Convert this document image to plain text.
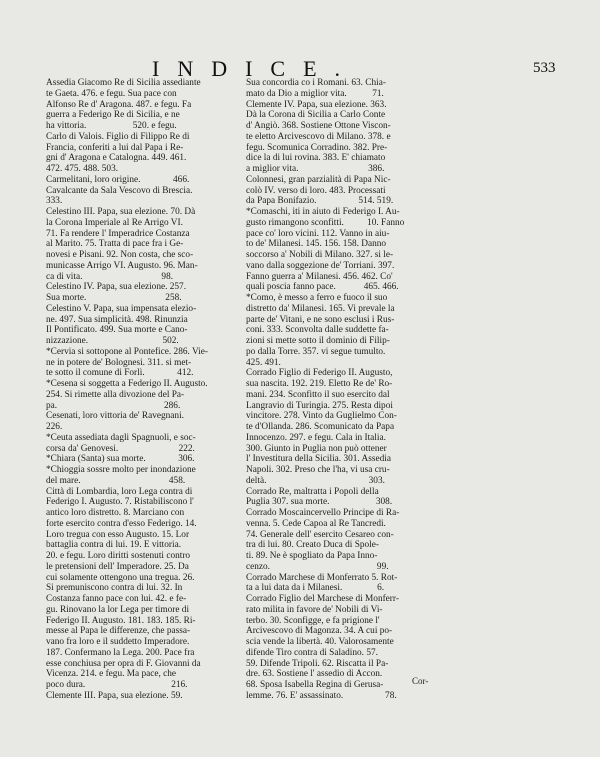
INDICE.	533
Assedia Giacomo Re di Sicilia assediante
te Gaeta. 476. e fegu. Sua pace con
Alfonso Re d' Aragona. 487. e fegu. Fa
guerra a Federigo Re di Sicilia, e ne
ha vittoria.                    520. e fegu.
Carlo di Valois. Figlio di Filippo Re di
Francia, conferiti a lui dal Papa i Re-
gni d' Aragona e Catalogna. 449. 461.
472. 475. 488. 503.
Carmelitani, loro origine.              466.
Cavalcante da Sala Vescovo di Brescia.
333.
Celestino III. Papa, sua elezione. 70. Dà
la Corona Imperiale al Re Arrigo VI.
71. Fa rendere l' Imperadrice Costanza
al Marito. 75. Tratta di pace fra i Ge-
novesi e Pisani. 92. Non costa, che sco-
municasse Arrigo VI. Augusto. 96. Man-
ca di vita.                                  98.
Celestino IV. Papa, sua elezione. 257.
Sua morte.                                  258.
Celestino V. Papa, sua impensata elezio-
ne. 497. Sua simplicità. 498. Rinunzia
Il Pontificato. 499. Sua morte e Cano-
nizzazione.                                502.
*Cervia si sottopone al Pontefice. 286. Vie-
ne in potere de' Bolognesi. 311. si met-
te sotto il comune di Forlì.              412.
*Cesena si soggetta a Federigo II. Augusto.
254. Si rimette alla divozione del Pa-
pa.                                              286.
Cesenati, loro vittoria de' Ravegnani.
226.
*Ceuta assediata dagli Spagnuoli, e soc-
corsa da' Genovesi.                          222.
*Chiara (Santa) sua morte.              306.
*Chioggia sossre molto per inondazione
del mare.                                      458.
Città di Lombardia, loro Lega contra di
Federigo I. Augusto. 7. Ristabiliscono l'
antico loro distretto. 8. Marciano con
forte esercito contra d'esso Federigo. 14.
Loro tregua con esso Augusto. 15. Lor
battaglia contra di lui. 19. E vittoria.
20. e fegu. Loro diritti sostenuti contro
le pretensioni dell' Imperadore. 25. Da
cui solamente ottengono una tregua. 26.
Si premuniscono contra di lui. 32. In
Costanza fanno pace con lui. 42. e fe-
gu. Rinovano la lor Lega per timore di
Federigo II. Augusto. 181. 183. 185. Ri-
messe al Papa le differenze, che passa-
vano fra loro e il suddetto Imperadore.
187. Confermano la Lega. 200. Pace fra
esse conchiusa per opra di F. Giovanni da
Vicenza. 214. e fegu. Ma pace, che
poco dura.                                     216.
Clemente III. Papa, sua elezione. 59.
Sua concordia co i Romani. 63. Chia-
mato da Dio a miglior vita.           71.
Clemente IV. Papa, sua elezione. 363.
Dà la Corona di Sicilia a Carlo Conte
d' Angiò. 368. Sostiene Ottone Viscon-
te eletto Arcivescovo di Milano. 378. e
fegu. Scomunica Corradino. 382. Pre-
dice la di lui rovina. 383. E' chiamato
a miglior vita.                              386.
Colonnesi, gran parzialità di Papa Nic-
colò IV. verso di loro. 483. Processati
da Papa Bonifazio.                  514. 519.
*Comaschi, iti in aiuto di Federigo I. Au-
gusto rimangono sconfitti.          10. Fanno
pace co' loro vicini. 112. Vanno in aiu-
to de' Milanesi. 145. 156. 158. Danno
soccorso a' Nobili di Milano. 327. si le-
vano dalla soggezione de' Torriani. 397.
Fanno guerra a' Milanesi. 456. 462. Co'
quali poscia fanno pace.            465. 466.
*Como, è messo a ferro e fuoco il suo
distretto da' Milanesi. 165. Vi prevale la
parte de' Vitani, e ne sono esclusi i Rus-
coni. 333. Sconvolta dalle suddette fa-
zioni si mette sotto il dominio di Filip-
po dalla Torre. 357. vi segue tumulto.
425. 491.
Corrado Figlio di Federigo II. Augusto,
sua nascita. 192. 219. Eletto Re de' Ro-
mani. 234. Sconfitto il suo esercito dal
Langravio di Turingia. 275. Resta dipoi
vincitore. 278. Vinto da Guglielmo Con-
te d'Ollanda. 286. Scomunicato da Papa
Innocenzo. 297. e fegu. Cala in Italia.
300. Giunto in Puglia non può ottener
l' Investitura della Sicilia. 301. Assedia
Napoli. 302. Preso che l'ha, vi usa cru-
deltà.                                            303.
Corrado Re, maltratta i Popoli della
Puglia 307. sua morte.                    308.
Corrado Moscaincervello Principe di Ra-
venna. 5. Cede Capoa al Re Tancredi.
74. Generale dell' esercito Cesareo con-
tra di lui. 80. Creato Duca di Spole-
ti. 89. Ne è spogliato da Papa Inno-
cenzo.                                              99.
Corrado Marchese di Monferrato 5. Rot-
ta a lui data da i Milanesi.               6.
Corrado Figlio del Marchese di Monferr-
rato milita in favore de' Nobili di Vi-
terbo. 30. Sconfigge, e fa prigione l'
Arcivescovo di Magonza. 34. A cui po-
scia vende la libertà. 40. Valorosamente
difende Tiro contra di Saladino. 57.
59. Difende Tripoli. 62. Riscatta il Pa-
dre. 63. Sostiene l' assedio di Accon.
68. Sposa Isabella Regina di Gerusa-
lemme. 76. E' assassinato.                  78.
Cor-
